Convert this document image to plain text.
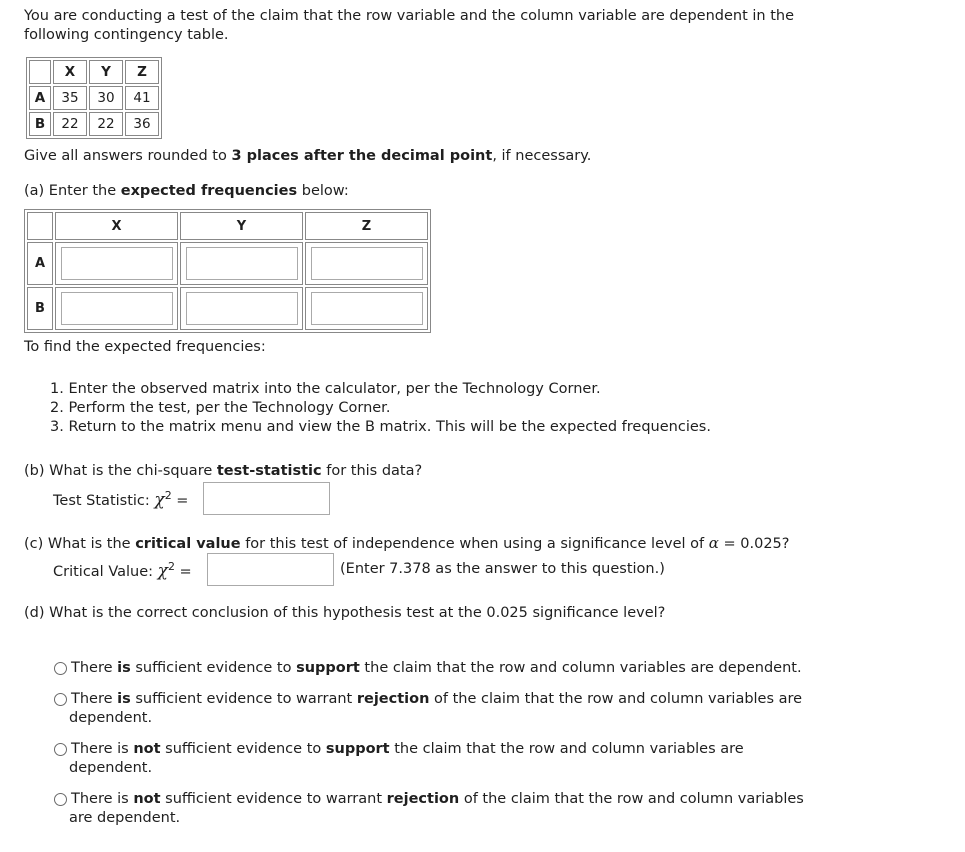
You are conducting a test of the claim that the row variable and the column variable are dependent in the
following contingency table.
	X	Y	Z
A	35	30	41
B	22	22	36
Give all answers rounded to 3 places after the decimal point, if necessary.
(a) Enter the expected frequencies below:
	X	Y	Z
A	

B	

To find the expected frequencies:
1. Enter the observed matrix into the calculator, per the Technology Corner.
2. Perform the test, per the Technology Corner.
3. Return to the matrix menu and view the B matrix. This will be the expected frequencies.
(b) What is the chi-square test-statistic for this data?
Test Statistic: $\chi^2$ =
(c) What is the critical value for this test of independence when using a significance level of α = 0.025?
Critical Value: $\chi^2$ =	(Enter 7.378 as the answer to this question.)
(d) What is the correct conclusion of this hypothesis test at the 0.025 significance level?
There is sufficient evidence to support the claim that the row and column variables are dependent.
There is sufficient evidence to warrant rejection of the claim that the row and column variables are
dependent.
There is not sufficient evidence to support the claim that the row and column variables are
dependent.
There is not sufficient evidence to warrant rejection of the claim that the row and column variables
are dependent.
